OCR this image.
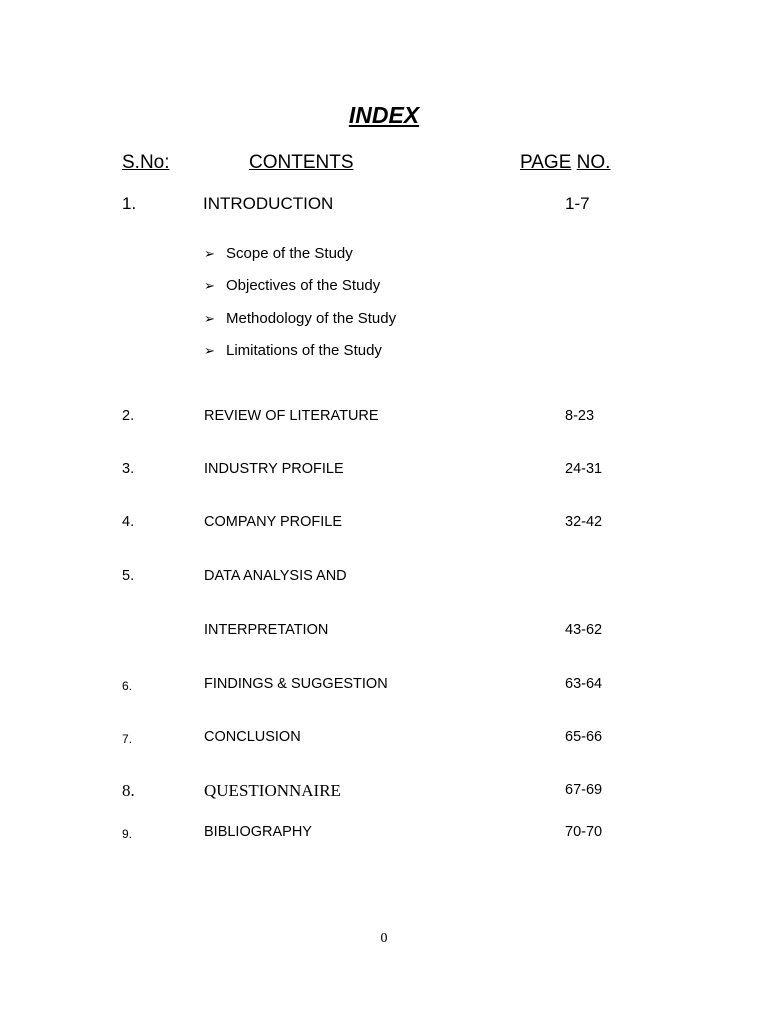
INDEX
S.No:	CONTENTS	PAGE NO.
1.	INTRODUCTION	1-7
➢ Scope of the Study
➢ Objectives of the Study
➢ Methodology of the Study
➢ Limitations of the Study
2.	REVIEW OF LITERATURE	8-23
3.	INDUSTRY PROFILE	24-31
4.	COMPANY PROFILE	32-42
5.	DATA ANALYSIS AND
INTERPRETATION	43-62
6.	FINDINGS & SUGGESTION	63-64
7.	CONCLUSION	65-66
8.	QUESTIONNAIRE	67-69
9.	BIBLIOGRAPHY	70-70
0
